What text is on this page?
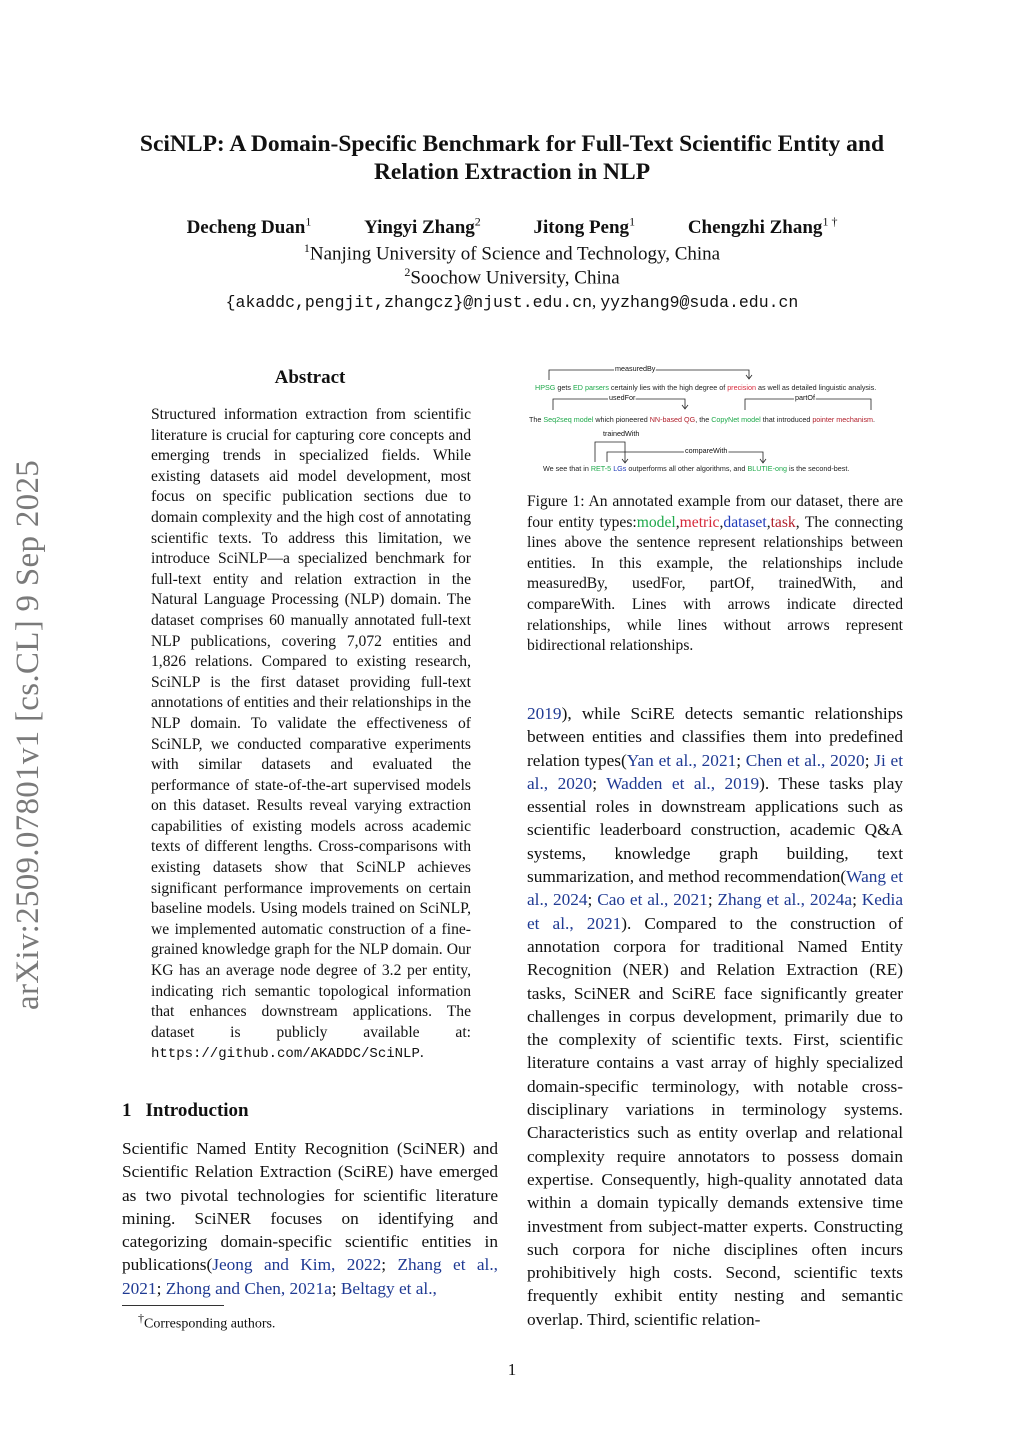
arXiv:2509.07801v1 [cs.CL] 9 Sep 2025
SciNLP: A Domain-Specific Benchmark for Full-Text Scientific Entity and
Relation Extraction in NLP
Decheng Duan$^1$	Yingyi Zhang$^2$	Jitong Peng$^1$	Chengzhi Zhang$^{1 \dagger}$
$^1$Nanjing University of Science and Technology, China
$^2$Soochow University, China
{akaddc,pengjit,zhangcz}@njust.edu.cn, yyzhang9@suda.edu.cn
Abstract
Structured information extraction from scientific literature is crucial for capturing core concepts and emerging trends in specialized fields. While existing datasets aid model development, most focus on specific publication sections due to domain complexity and the high cost of annotating scientific texts. To address this limitation, we introduce SciNLP—a specialized benchmark for full-text entity and relation extraction in the Natural Language Processing (NLP) domain. The dataset comprises 60 manually annotated full-text NLP publications, covering 7,072 entities and 1,826 relations. Compared to existing research, SciNLP is the first dataset providing full-text annotations of entities and their relationships in the NLP domain. To validate the effectiveness of SciNLP, we conducted comparative experiments with similar datasets and evaluated the performance of state-of-the-art supervised models on this dataset. Results reveal varying extraction capabilities of existing models across academic texts of different lengths. Cross-comparisons with existing datasets show that SciNLP achieves significant performance improvements on certain baseline models. Using models trained on SciNLP, we implemented automatic construction of a fine-grained knowledge graph for the NLP domain. Our KG has an average node degree of 3.2 per entity, indicating rich semantic topological information that enhances downstream applications. The dataset is publicly available at: https://github.com/AKADDC/SciNLP.
1 Introduction
Scientific Named Entity Recognition (SciNER) and Scientific Relation Extraction (SciRE) have emerged as two pivotal technologies for scientific literature mining. SciNER focuses on identifying and categorizing domain-specific scientific entities in publications(Jeong and Kim, 2022; Zhang et al., 2021; Zhong and Chen, 2021a; Beltagy et al.,
†Corresponding authors.
measuredBy
HPSG gets ED parsers certainly lies with the high degree of precision as well as detailed linguistic analysis.
usedFor	partOf
The Seq2seq model which pioneered NN-based QG, the CopyNet model that introduced pointer mechanism.
trainedWith
compareWith
We see that in RET-5 LGs outperforms all other algorithms, and BLUTIE-ong is the second-best.
Figure 1: An annotated example from our dataset, there are four entity types:model,metric,dataset,task, The connecting lines above the sentence represent relationships between entities. In this example, the relationships include measuredBy, usedFor, partOf, trainedWith, and compareWith. Lines with arrows indicate directed relationships, while lines without arrows represent bidirectional relationships.
2019), while SciRE detects semantic relationships between entities and classifies them into predefined relation types(Yan et al., 2021; Chen et al., 2020; Ji et al., 2020; Wadden et al., 2019). These tasks play essential roles in downstream applications such as scientific leaderboard construction, academic Q&A systems, knowledge graph building, text summarization, and method recommendation(Wang et al., 2024; Cao et al., 2021; Zhang et al., 2024a; Kedia et al., 2021). Compared to the construction of annotation corpora for traditional Named Entity Recognition (NER) and Relation Extraction (RE) tasks, SciNER and SciRE face significantly greater challenges in corpus development, primarily due to the complexity of scientific texts. First, scientific literature contains a vast array of highly specialized domain-specific terminology, with notable cross-disciplinary variations in terminology systems. Characteristics such as entity overlap and relational complexity require annotators to possess domain expertise. Consequently, high-quality annotated data within a domain typically demands extensive time investment from subject-matter experts. Constructing such corpora for niche disciplines often incurs prohibitively high costs. Second, scientific texts frequently exhibit entity nesting and semantic overlap. Third, scientific relation-
1
